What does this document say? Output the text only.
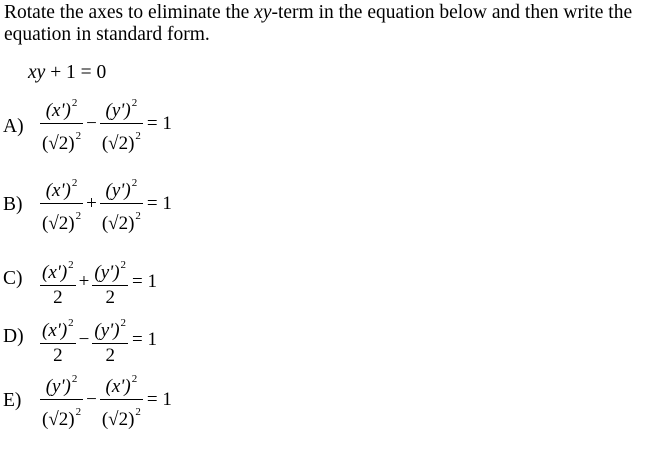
Rotate the axes to eliminate the xy-term in the equation below and then write the
equation in standard form.
xy + 1 = 0
$A) \frac{(x')^2}{(√2)^2} - \frac{(y')^2}{(√2)^2} = 1$
$B) \frac{(x')^2}{(√2)^2} + \frac{(y')^2}{(√2)^2} = 1$
$C) \frac{(x')^2}{2} + \frac{(y')^2}{2} = 1$
$D) \frac{(x')^2}{2} - \frac{(y')^2}{2} = 1$
$E) \frac{(y')^2}{(√2)^2} - \frac{(x')^2}{(√2)^2} = 1$
